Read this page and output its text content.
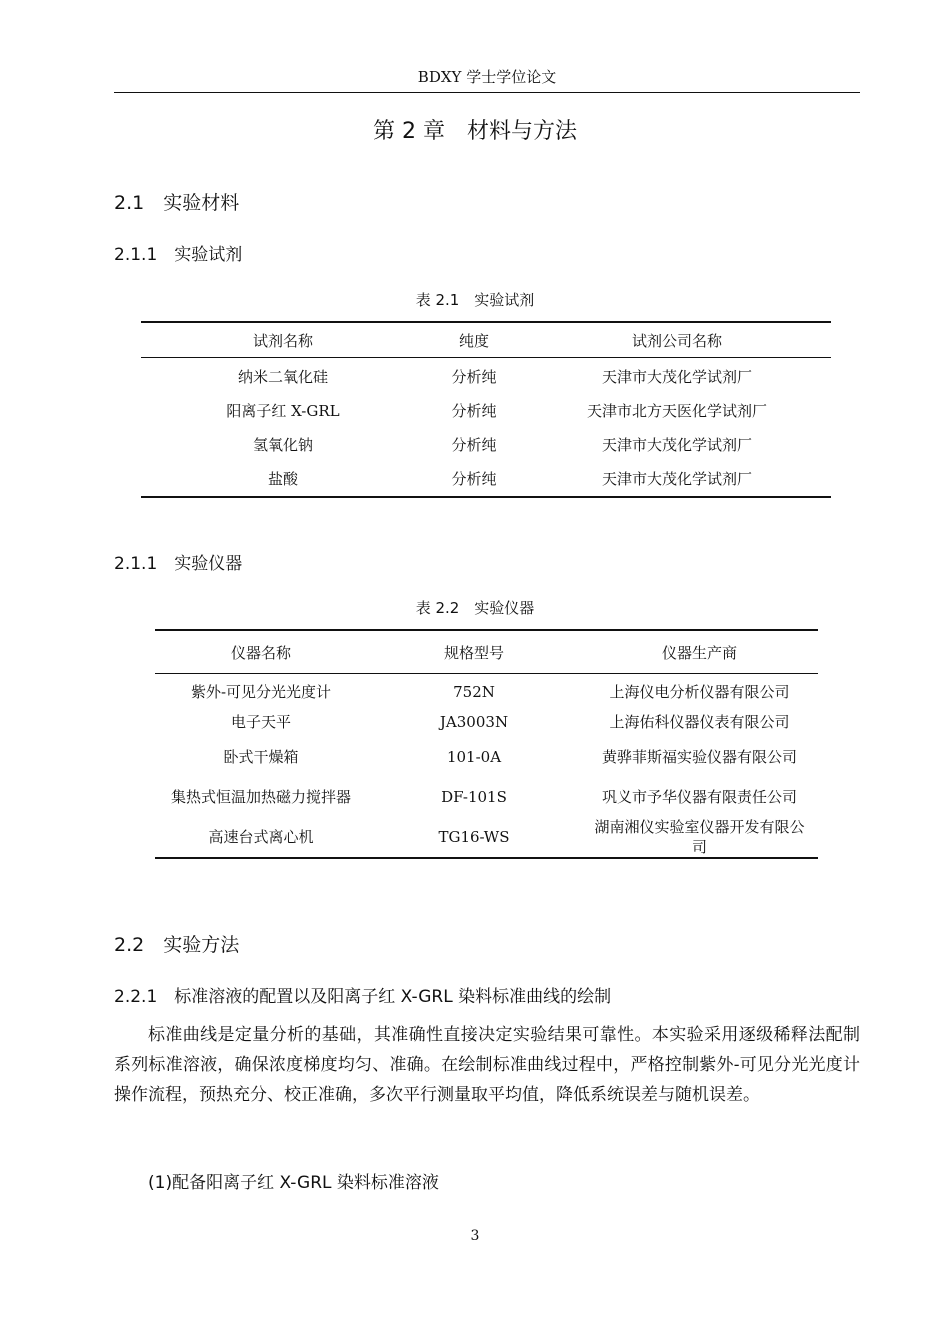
BDXY 学士学位论文
第 2 章　材料与方法
2.1　实验材料
2.1.1　实验试剂
表 2.1　实验试剂
试剂名称	纯度	试剂公司名称
纳米二氧化硅	分析纯	天津市大茂化学试剂厂
阳离子红 X-GRL	分析纯	天津市北方天医化学试剂厂
氢氧化钠	分析纯	天津市大茂化学试剂厂
盐酸	分析纯	天津市大茂化学试剂厂
2.1.1　实验仪器
表 2.2　实验仪器
仪器名称	规格型号	仪器生产商
紫外-可见分光光度计	752N	上海仪电分析仪器有限公司
电子天平	JA3003N	上海佑科仪器仪表有限公司
卧式干燥箱	101-0A	黄骅菲斯福实验仪器有限公司
集热式恒温加热磁力搅拌器	DF-101S	巩义市予华仪器有限责任公司
高速台式离心机	TG16-WS	湖南湘仪实验室仪器开发有限公司
2.2　实验方法
2.2.1　标准溶液的配置以及阳离子红 X-GRL 染料标准曲线的绘制
标准曲线是定量分析的基础，其准确性直接决定实验结果可靠性。本实验采用逐级稀释法配制系列标准溶液，确保浓度梯度均匀、准确。在绘制标准曲线过程中，严格控制紫外-可见分光光度计操作流程，预热充分、校正准确，多次平行测量取平均值，降低系统误差与随机误差。
(1)配备阳离子红 X-GRL 染料标准溶液
3
